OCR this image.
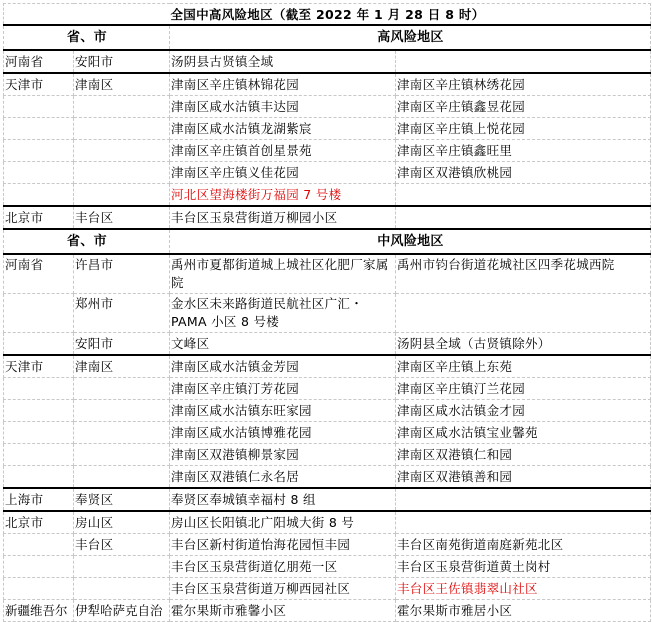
全国中高风险地区（截至 2022 年 1 月 28 日 8 时）			
省、市		高风险地区	
河南省	安阳市	汤阴县古贤镇全域	
天津市	津南区	津南区辛庄镇林锦花园	津南区辛庄镇林绣花园
		津南区咸水沽镇丰达园	津南区辛庄镇鑫昱花园
		津南区咸水沽镇龙湖紫宸	津南区辛庄镇上悦花园
		津南区辛庄镇首创星景苑	津南区辛庄镇鑫旺里
		津南区辛庄镇义佳花园	津南区双港镇欣桃园
		河北区望海楼街万福园 7 号楼	
北京市	丰台区	丰台区玉泉营街道万柳园小区	
省、市		中风险地区	
河南省	许昌市	禹州市夏都街道城上城社区化肥厂家属院	禹州市钧台街道花城社区四季花城西院
	郑州市	金水区未来路街道民航社区广汇・PAMA 小区 8 号楼	
	安阳市	文峰区	汤阴县全域（古贤镇除外）
天津市	津南区	津南区咸水沽镇金芳园	津南区辛庄镇上东苑
		津南区辛庄镇汀芳花园	津南区辛庄镇汀兰花园
		津南区咸水沽镇东旺家园	津南区咸水沽镇金才园
		津南区咸水沽镇博雅花园	津南区咸水沽镇宝业馨苑
		津南区双港镇柳景家园	津南区双港镇仁和园
		津南区双港镇仁永名居	津南区双港镇善和园
上海市	奉贤区	奉贤区奉城镇幸福村 8 组	
北京市	房山区	房山区长阳镇北广阳城大街 8 号	
	丰台区	丰台区新村街道怡海花园恒丰园	丰台区南苑街道南庭新苑北区
		丰台区玉泉营街道亿朋苑一区	丰台区玉泉营街道黄土岗村
		丰台区玉泉营街道万柳西园社区	丰台区王佐镇翡翠山社区
新疆维吾尔	伊犁哈萨克自治	霍尔果斯市雅馨小区	霍尔果斯市雅居小区
